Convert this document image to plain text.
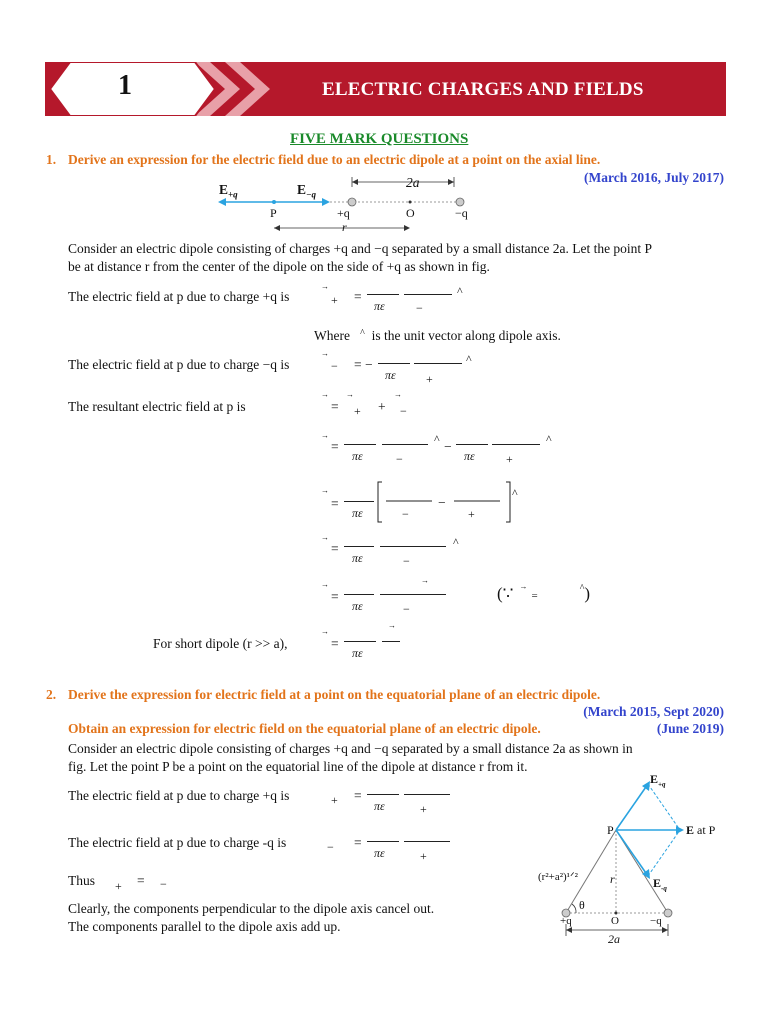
1	ELECTRIC CHARGES AND FIELDS
FIVE MARK QUESTIONS
1. Derive an expression for the electric field due to an electric dipole at a point on the axial line.
(March 2016, July 2017)
$E_{+q}$	$E_{-q}$
2a
P	+q	O	−q
r
Consider an electric dipole consisting of charges +q and −q separated by a small distance 2a. Let the point P
be at distance r from the center of the dipole on the side of +q as shown in fig.
The electric field at p due to charge +q is
→
+ =
πε	−
^
Where ^ is the unit vector along dipole axis.
The electric field at p due to charge −q is
→
− = −
πε	+
^
The resultant electric field at p is
→
=
→
+ +
→
−
→
=
πε	−
^ −
πε	+
^
→
=
πε	−
−
+
^
→
=
πε	−
^
→
=
→
πε	−
(∵ →=^)
For short dipole (r >> a),
→
=
→
πε
2. Derive the expression for electric field at a point on the equatorial plane of an electric dipole.
(March 2015, Sept 2020)
Obtain an expression for electric field on the equatorial plane of an electric dipole.	(June 2019)
Consider an electric dipole consisting of charges +q and −q separated by a small distance 2a as shown in
fig. Let the point P be a point on the equatorial line of the dipole at distance r from it.
The electric field at p due to charge +q is	+ =
πε	+
The electric field at p due to charge -q is	− =
πε	+
Thus + = −
Clearly, the components perpendicular to the dipole axis cancel out.
The components parallel to the dipole axis add up.
$E_{+q}$
P	E at P
$E_{-q}$
(r²+a²)¹ᐟ²	r
θ
+q	O	−q
2a
